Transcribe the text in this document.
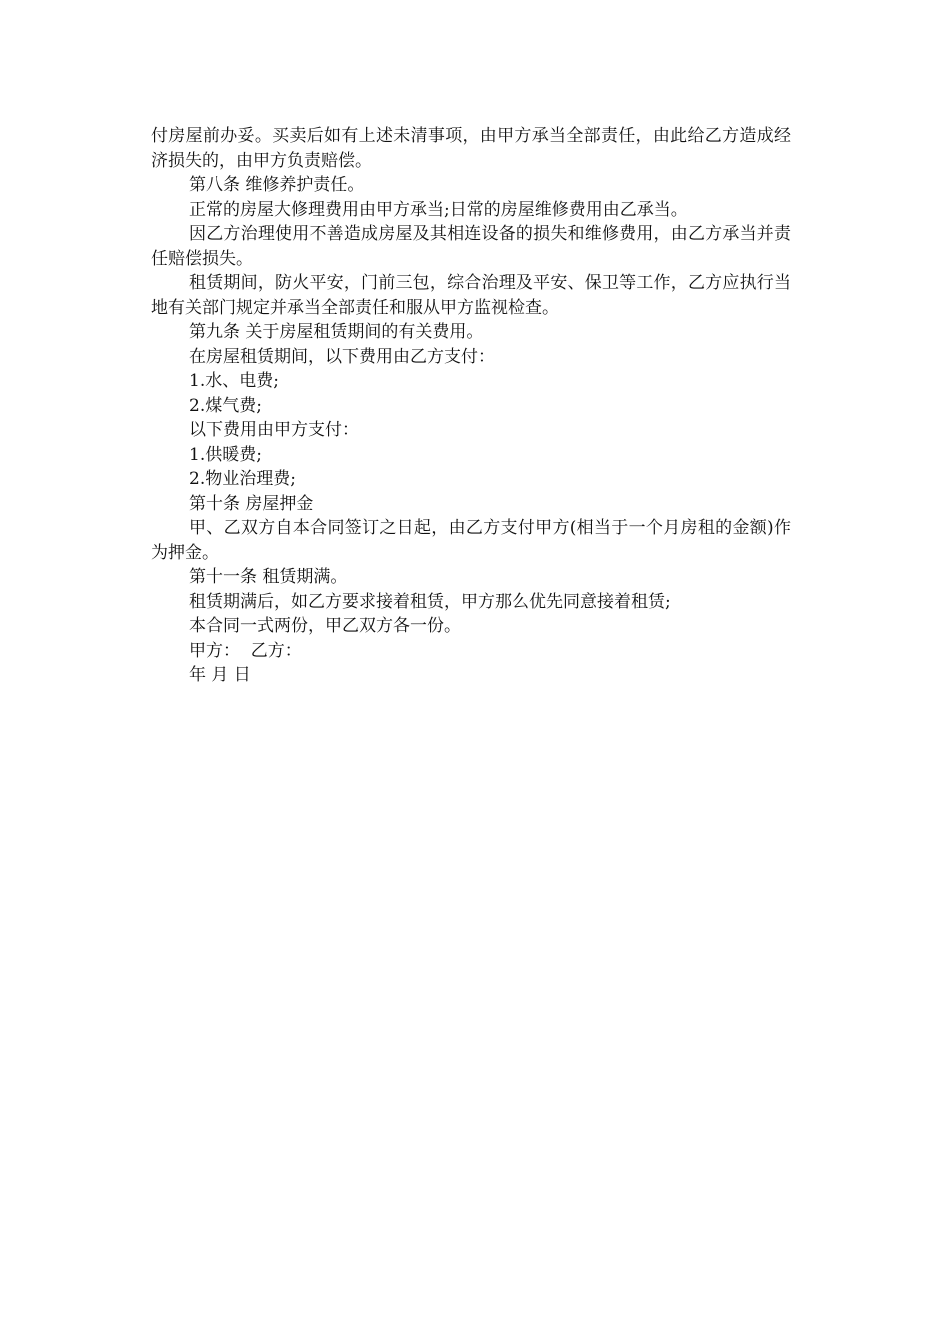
付房屋前办妥。买卖后如有上述未清事项，由甲方承当全部责任，由此给乙方造成经济损失的，由甲方负责赔偿。

第八条 维修养护责任。

正常的房屋大修理费用由甲方承当;日常的房屋维修费用由乙承当。

因乙方治理使用不善造成房屋及其相连设备的损失和维修费用，由乙方承当并责任赔偿损失。

租赁期间，防火平安，门前三包，综合治理及平安、保卫等工作，乙方应执行当地有关部门规定并承当全部责任和服从甲方监视检查。

第九条 关于房屋租赁期间的有关费用。

在房屋租赁期间，以下费用由乙方支付：

1.水、电费;

2.煤气费;

以下费用由甲方支付：

1.供暖费;

2.物业治理费;

第十条 房屋押金

甲、乙双方自本合同签订之日起，由乙方支付甲方(相当于一个月房租的金额)作为押金。

第十一条 租赁期满。

租赁期满后，如乙方要求接着租赁，甲方那么优先同意接着租赁;

本合同一式两份，甲乙双方各一份。

甲方：  乙方：

年 月 日
